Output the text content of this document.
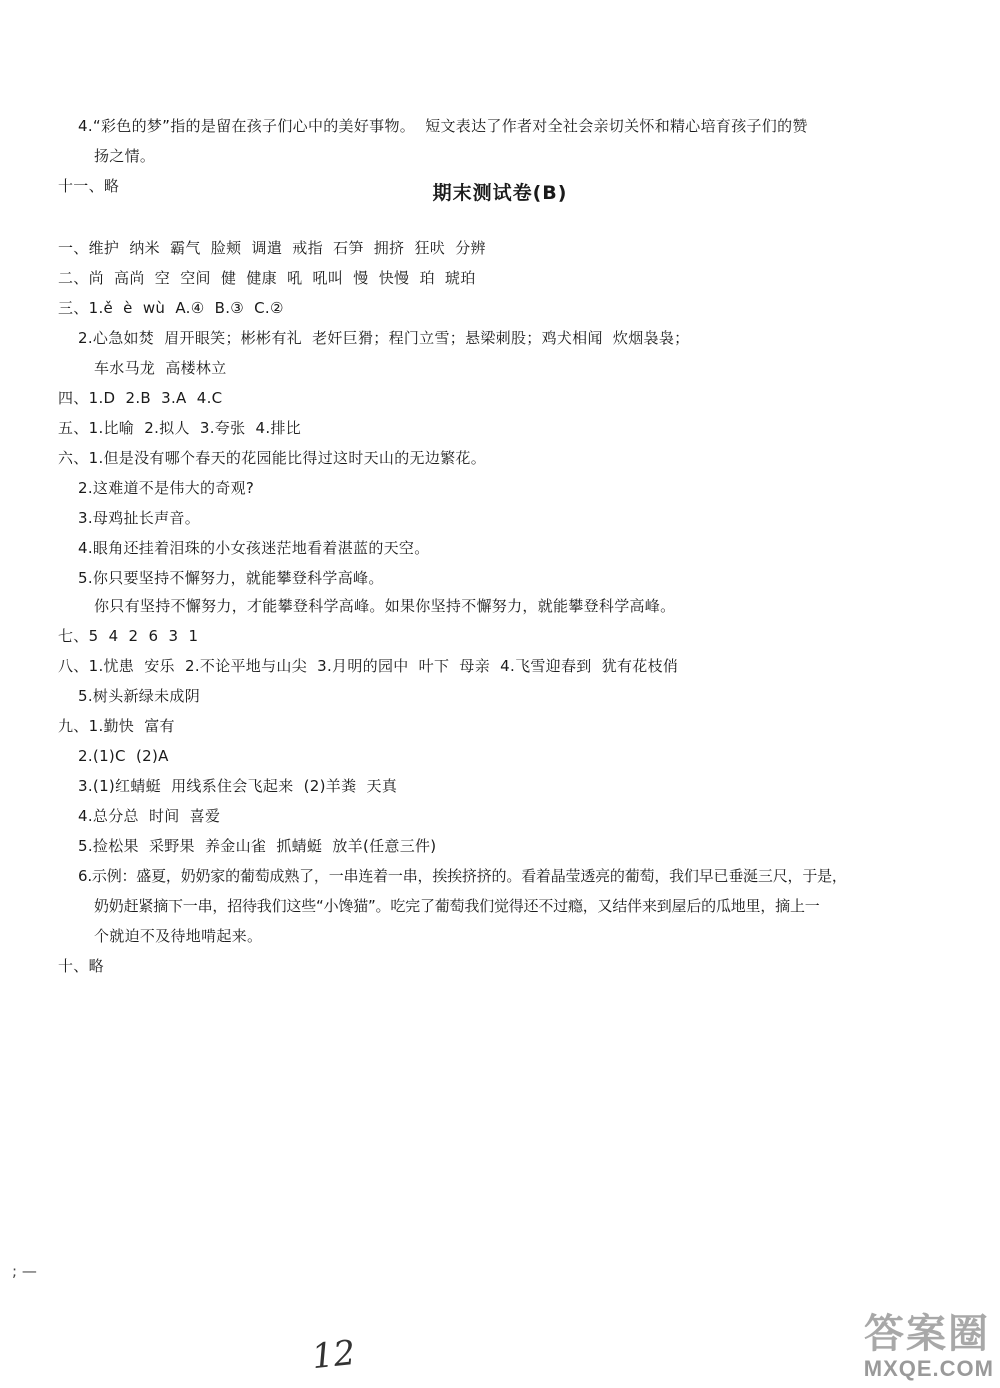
4.“彩色的梦”指的是留在孩子们心中的美好事物。  短文表达了作者对全社会亲切关怀和精心培育孩子们的赞
扬之情。
十一、略	期末测试卷(B)
一、维护  纳米  霸气  脸颊  调遣  戒指  石笋  拥挤  狂吠  分辨
二、尚  高尚  空  空间  健  健康  吼  吼叫  慢  快慢  珀  琥珀
三、1.ě  è  wù  A.④  B.③  C.②
2.心急如焚  眉开眼笑；彬彬有礼  老奸巨猾；程门立雪；悬梁刺股；鸡犬相闻  炊烟袅袅；
车水马龙  高楼林立
四、1.D  2.B  3.A  4.C
五、1.比喻  2.拟人  3.夸张  4.排比
六、1.但是没有哪个春天的花园能比得过这时天山的无边繁花。
2.这难道不是伟大的奇观?
3.母鸡扯长声音。
4.眼角还挂着泪珠的小女孩迷茫地看着湛蓝的天空。
5.你只要坚持不懈努力，就能攀登科学高峰。
你只有坚持不懈努力，才能攀登科学高峰。如果你坚持不懈努力，就能攀登科学高峰。
七、5  4  2  6  3  1
八、1.忧患  安乐  2.不论平地与山尖  3.月明的园中  叶下  母亲  4.飞雪迎春到  犹有花枝俏
5.树头新绿未成阴
九、1.勤快  富有
2.(1)C  (2)A
3.(1)红蜻蜓  用线系住会飞起来  (2)羊粪  天真
4.总分总  时间  喜爱
5.捡松果  采野果  养金山雀  抓蜻蜓  放羊(任意三件)
6.示例：盛夏，奶奶家的葡萄成熟了，一串连着一串，挨挨挤挤的。看着晶莹透亮的葡萄，我们早已垂涎三尺，于是，
奶奶赶紧摘下一串，招待我们这些“小馋猫”。吃完了葡萄我们觉得还不过瘾，又结伴来到屋后的瓜地里，摘上一
个就迫不及待地啃起来。
十、略
; —
12	答案圈
MXQE.COM
